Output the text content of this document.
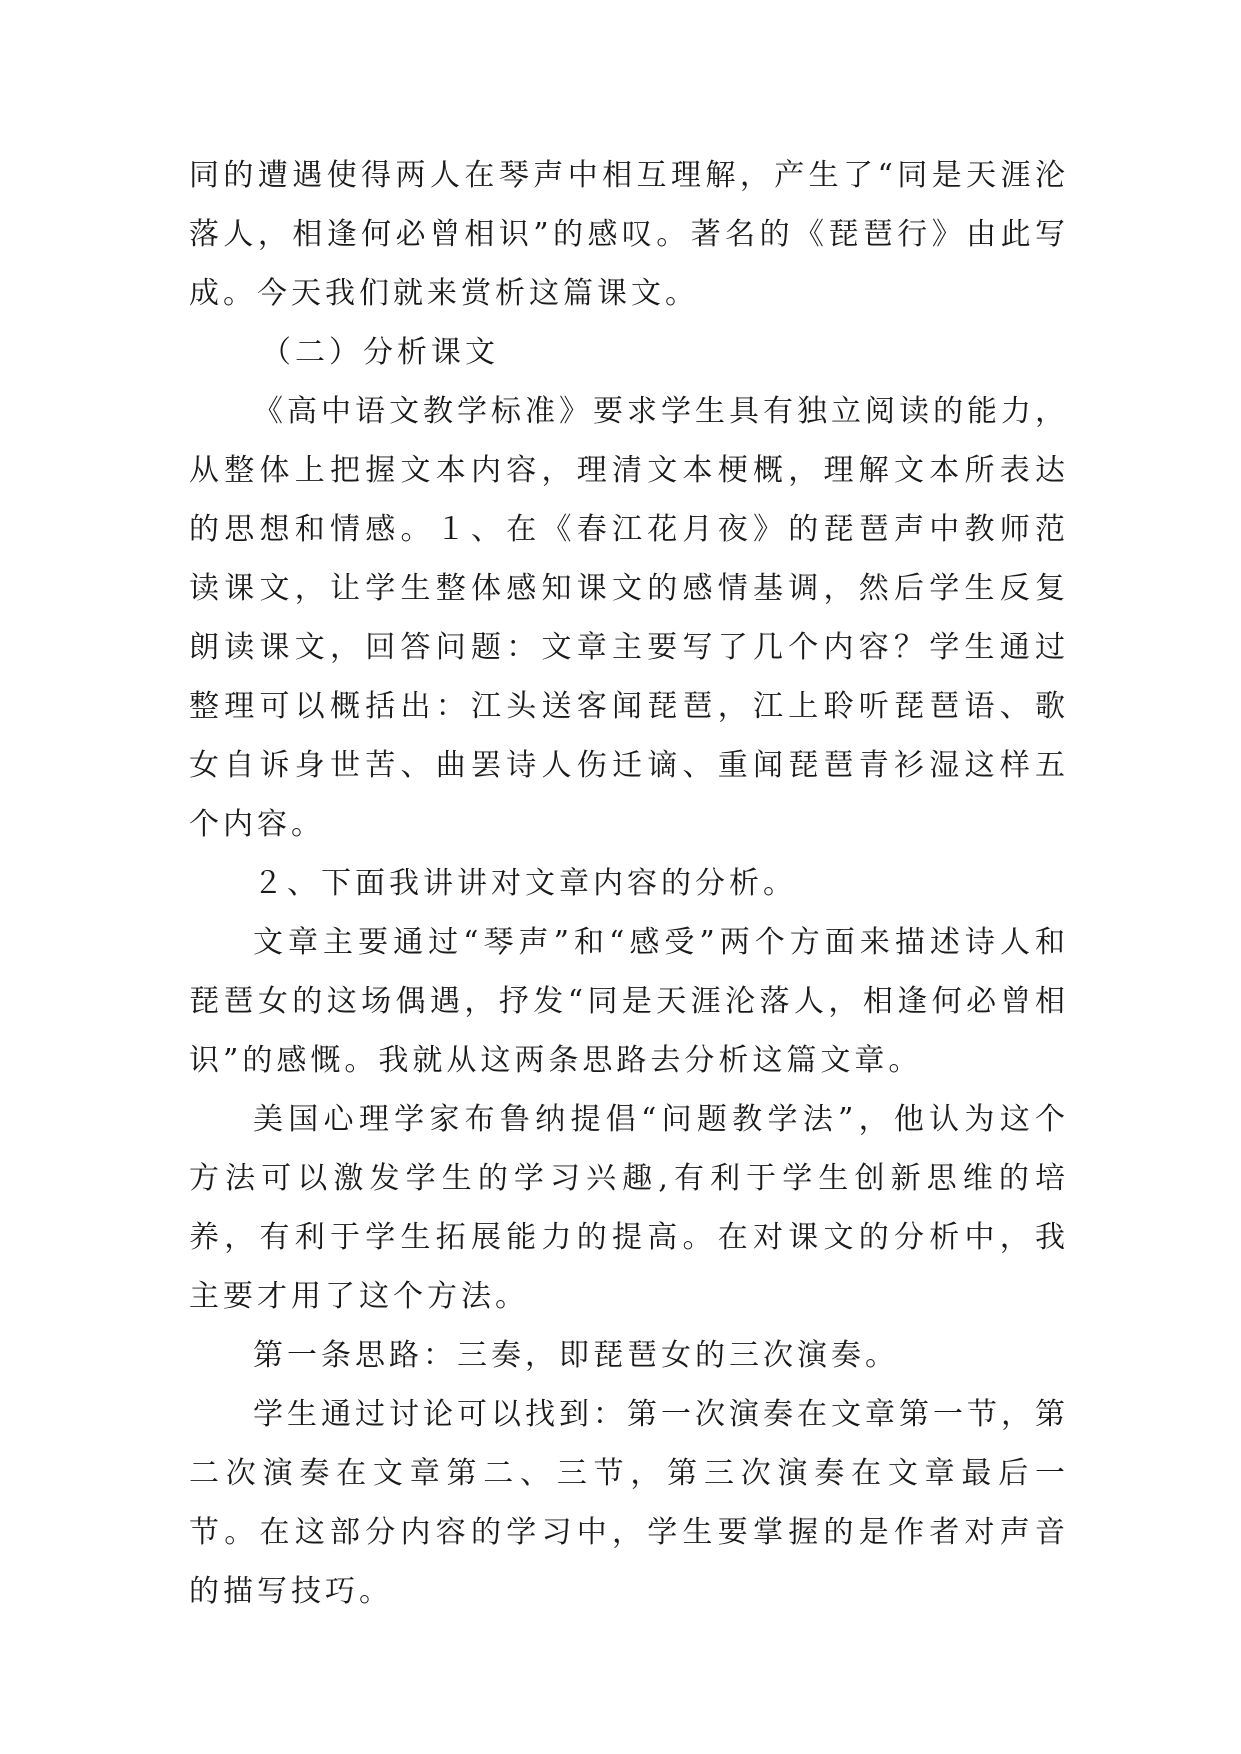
同的遭遇使得两人在琴声中相互理解，产生了“同是天涯沦落人，相逢何必曾相识”的感叹。著名的《琵琶行》由此写成。今天我们就来赏析这篇课文。

（二）分析课文

《高中语文教学标准》要求学生具有独立阅读的能力，从整体上把握文本内容，理清文本梗概，理解文本所表达的思想和情感。１、在《春江花月夜》的琵琶声中教师范读课文，让学生整体感知课文的感情基调，然后学生反复朗读课文，回答问题：文章主要写了几个内容？学生通过整理可以概括出：江头送客闻琵琶，江上聆听琵琶语、歌女自诉身世苦、曲罢诗人伤迁谪、重闻琵琶青衫湿这样五个内容。

２、下面我讲讲对文章内容的分析。

文章主要通过“琴声”和“感受”两个方面来描述诗人和琵琶女的这场偶遇，抒发“同是天涯沦落人，相逢何必曾相识”的感慨。我就从这两条思路去分析这篇文章。

美国心理学家布鲁纳提倡“问题教学法”，他认为这个方法可以激发学生的学习兴趣,有利于学生创新思维的培养，有利于学生拓展能力的提高。在对课文的分析中，我主要才用了这个方法。

第一条思路：三奏，即琵琶女的三次演奏。

学生通过讨论可以找到：第一次演奏在文章第一节，第二次演奏在文章第二、三节，第三次演奏在文章最后一节。在这部分内容的学习中，学生要掌握的是作者对声音的描写技巧。
